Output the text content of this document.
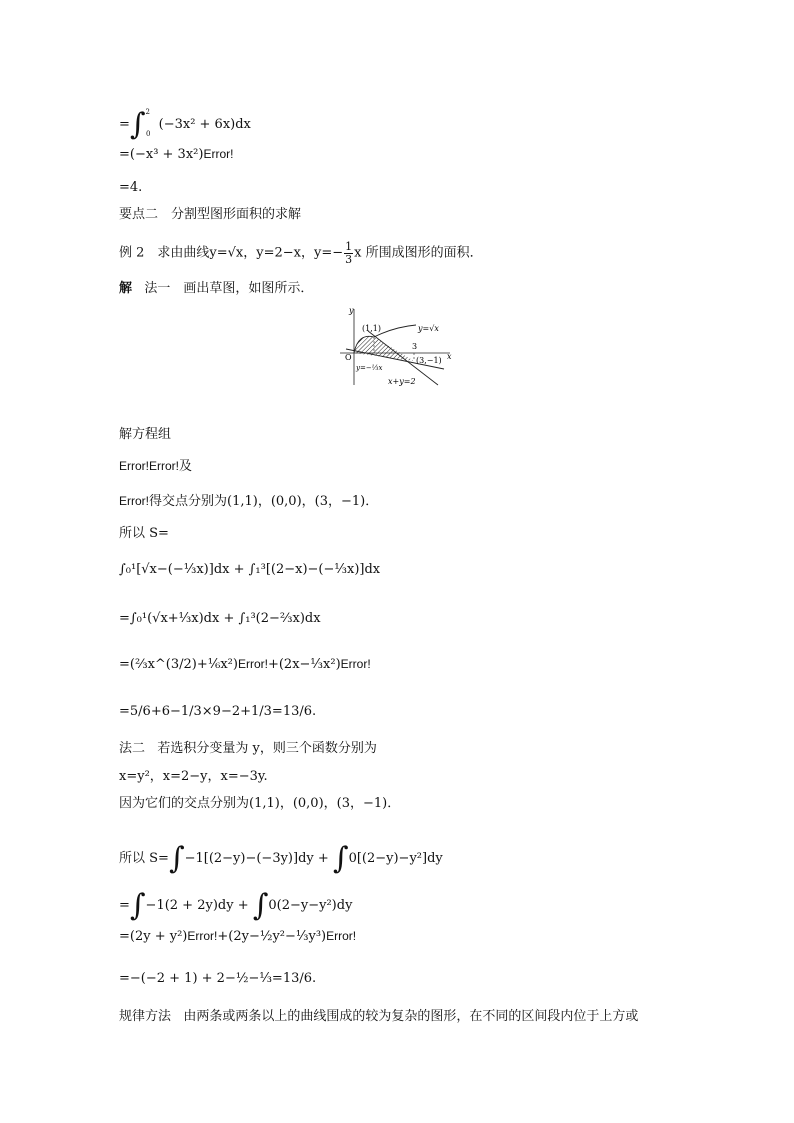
=∫$^2_0$ (−3x² + 6x)dx
=(−x³ + 3x²)Error!
=4.
要点二　分割型图形面积的求解
例 2　求由曲线y=√x，y=2−x，$y=- \frac{1}{3}$ x 所围成图形的面积．
解 法一　画出草图，如图所示．
y
x
O
(1,1)	y=√x
3
(3,−1)
y=−⅓x
x+y=2
解方程组
Error!Error!及
Error!得交点分别为(1,1)，(0,0)，(3，−1)．
所以 S=
∫₀¹[√x−(−⅓x)]dx + ∫₁³[(2−x)−(−⅓x)]dx
=∫₀¹(√x+⅓x)dx + ∫₁³(2−⅔x)dx
=(⅔x^(3/2)+⅙x²)Error!+(2x−⅓x²)Error!
=5/6+6−1/3×9−2+1/3=13/6.
法二 若选积分变量为 y，则三个函数分别为
x=y²，x=2−y，x=−3y.
因为它们的交点分别为(1,1)，(0,0)，(3，−1)．
所以 S=∫−1[(2−y)−(−3y)]dy + ∫0[(2−y)−y²]dy
=∫−1(2 + 2y)dy + ∫0(2−y−y²)dy
=(2y + y²)Error!+(2y−½y²−⅓y³)Error!
=−(−2 + 1) + 2−½−⅓=13/6.
规律方法 由两条或两条以上的曲线围成的较为复杂的图形，在不同的区间段内位于上方或
